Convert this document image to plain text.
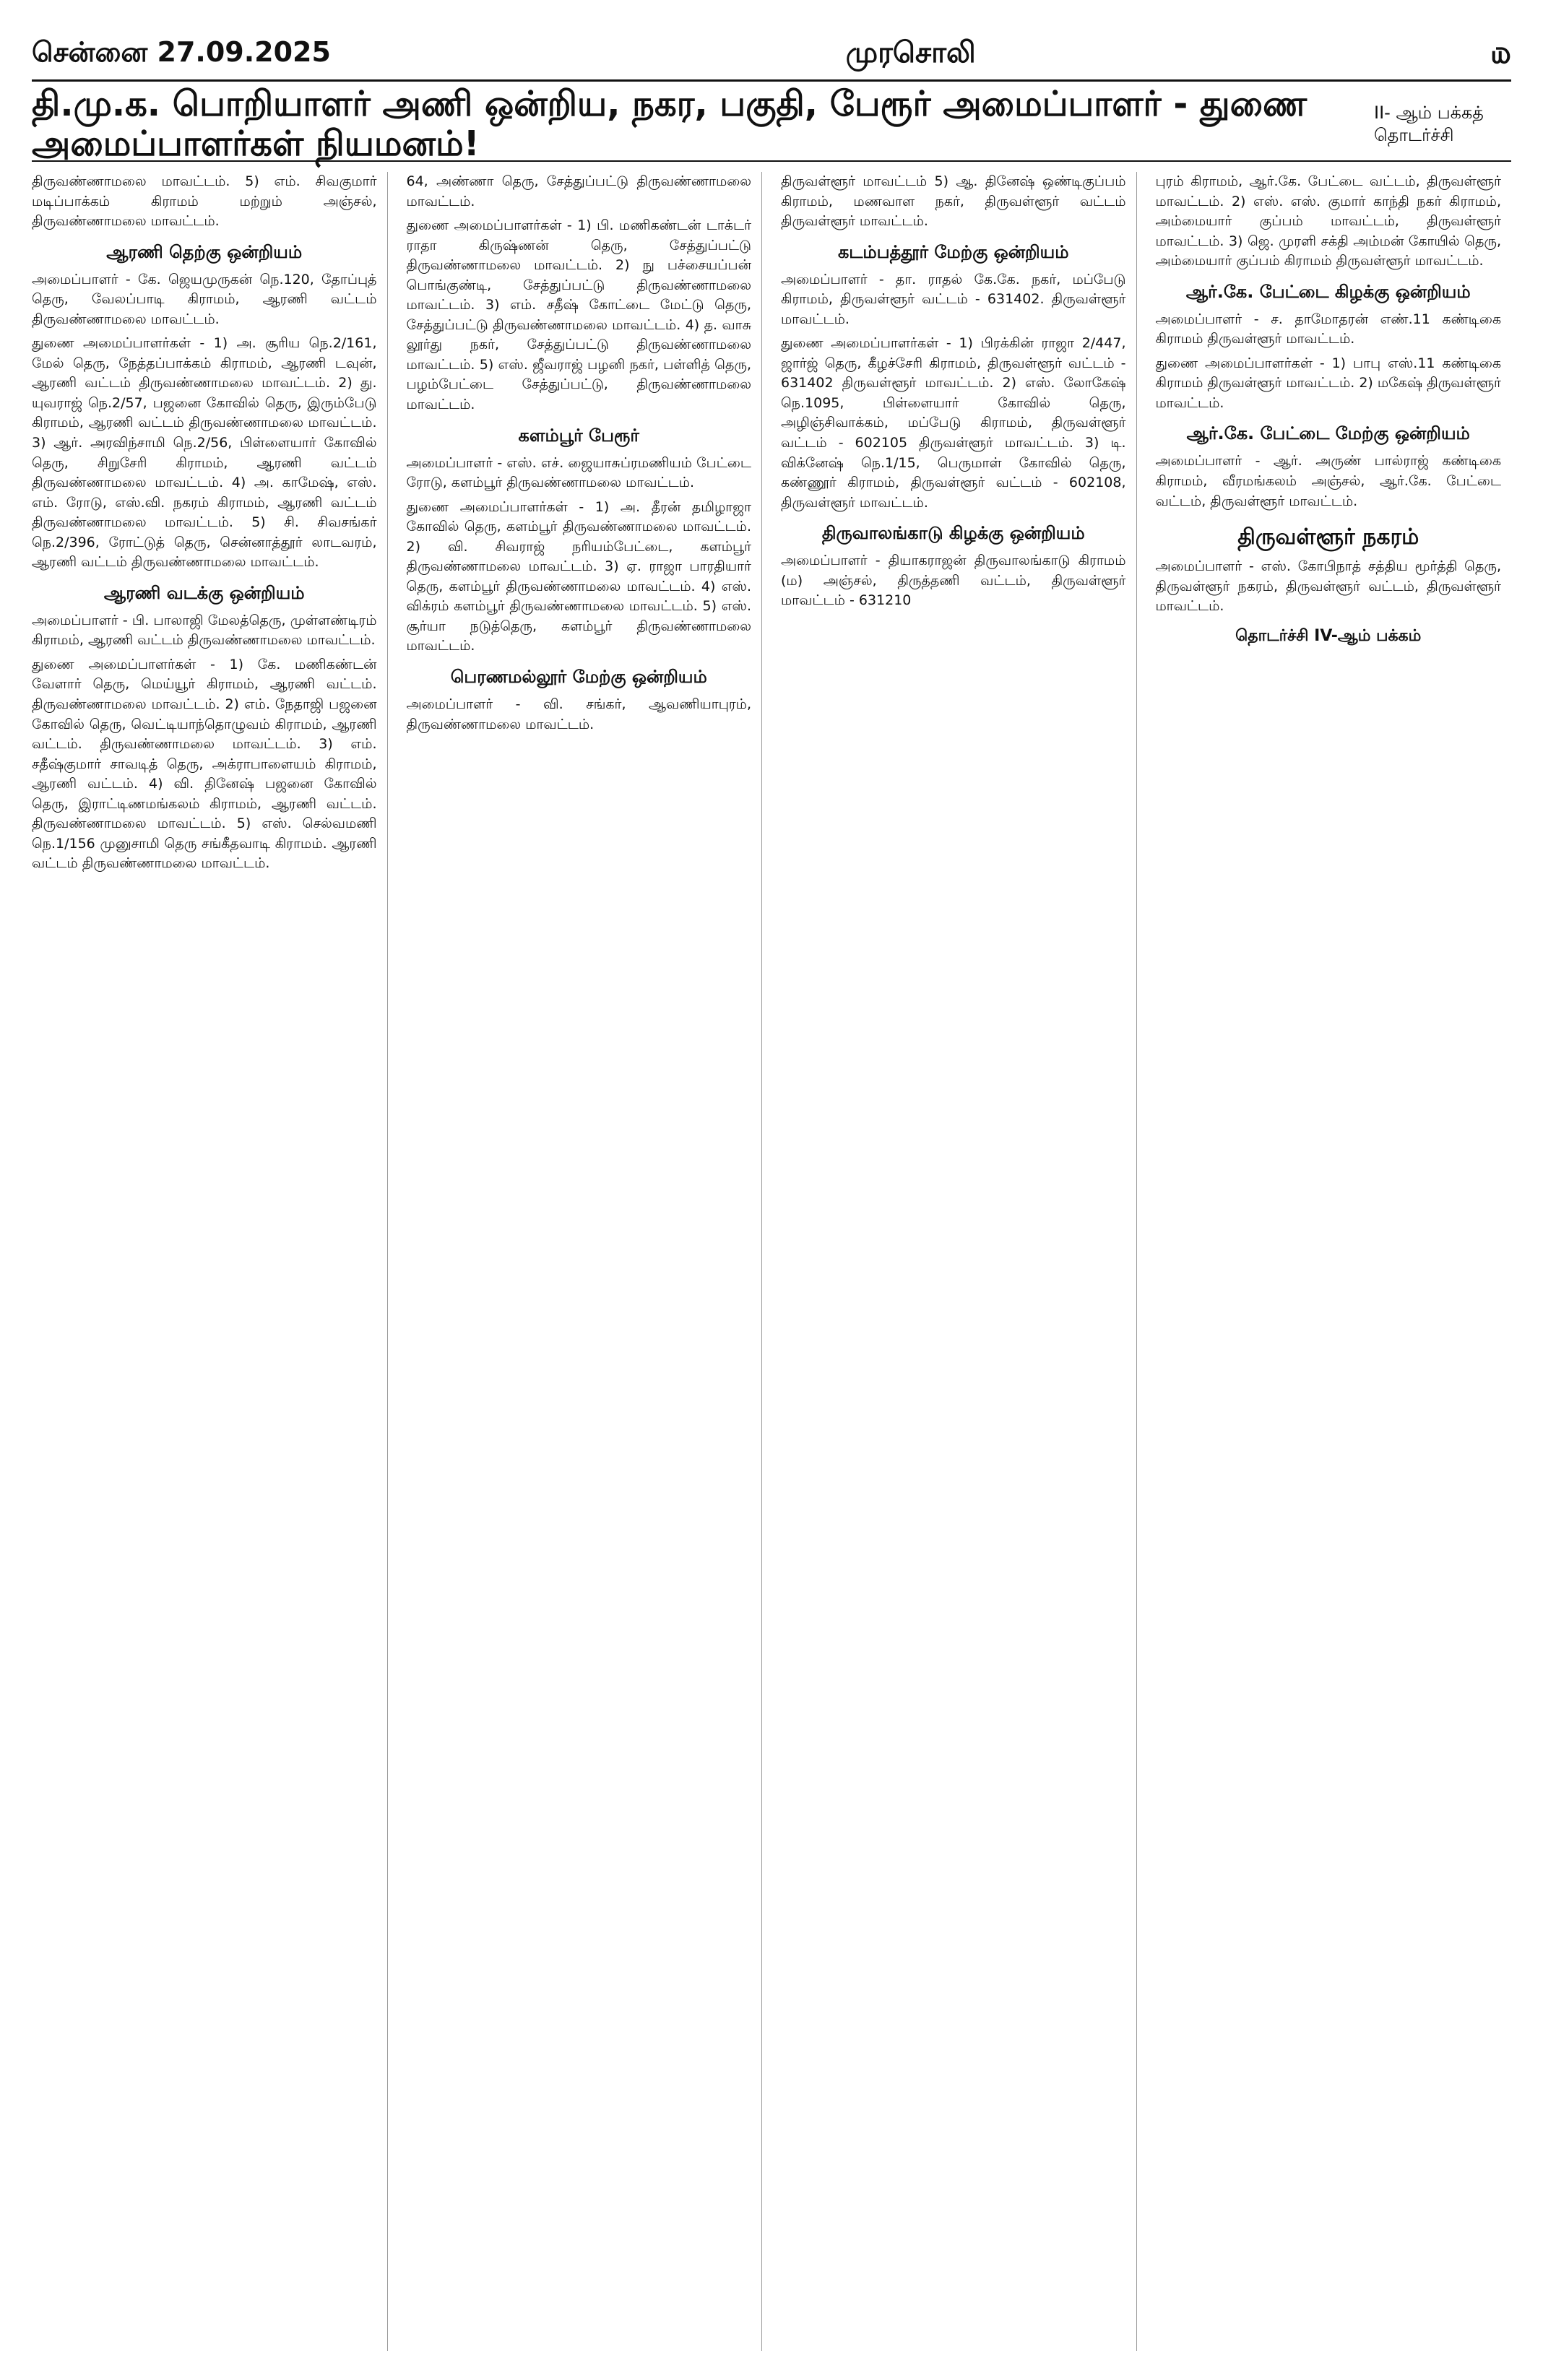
சென்னை 27.09.2025	முரசொலி	௰
தி.மு.க. பொறியாளர் அணி ஒன்றிய, நகர, பகுதி, பேரூர் அமைப்பாளர் - துணை அமைப்பாளர்கள் நியமனம்!
II- ஆம் பக்கத் தொடர்ச்சி

திருவண்ணாமலை மாவட்டம். 5) எம். சிவகுமார் மடிப்பாக்கம் கிராமம் மற்றும் அஞ்சல், திருவண்ணாமலை மாவட்டம்.

ஆரணி தெற்கு ஒன்றியம்

அமைப்பாளர் - கே. ஜெயமுருகன் நெ.120, தோப்புத் தெரு, வேலப்பாடி கிராமம், ஆரணி வட்டம் திருவண்ணாமலை மாவட்டம்.

துணை அமைப்பாளர்கள் - 1) அ. சூரிய நெ.2/161, மேல் தெரு, நேத்தப்பாக்கம் கிராமம், ஆரணி டவுன், ஆரணி வட்டம் திருவண்ணாமலை மாவட்டம். 2) து. யுவராஜ் நெ.2/57, பஜனை கோவில் தெரு, இரும்பேடு கிராமம், ஆரணி வட்டம் திருவண்ணாமலை மாவட்டம். 3) ஆர். அரவிந்சாமி நெ.2/56, பிள்ளையார் கோவில் தெரு, சிறுசேரி கிராமம், ஆரணி வட்டம் திருவண்ணாமலை மாவட்டம். 4) அ. காமேஷ், எஸ். எம். ரோடு, எஸ்.வி. நகரம் கிராமம், ஆரணி வட்டம் திருவண்ணாமலை மாவட்டம். 5) சி. சிவசங்கர் நெ.2/396, ரோட்டுத் தெரு, சென்னாத்தூர் லாடவரம், ஆரணி வட்டம் திருவண்ணாமலை மாவட்டம்.

ஆரணி வடக்கு ஒன்றியம்

அமைப்பாளர் - பி. பாலாஜி மேலத்தெரு, முள்ளண்டிரம் கிராமம், ஆரணி வட்டம் திருவண்ணாமலை மாவட்டம்.

துணை அமைப்பாளர்கள் - 1) கே. மணிகண்டன் வேளார் தெரு, மெய்யூர் கிராமம், ஆரணி வட்டம். திருவண்ணாமலை மாவட்டம். 2) எம். நேதாஜி பஜனை கோவில் தெரு, வெட்டியாந்தொழுவம் கிராமம், ஆரணி வட்டம். திருவண்ணாமலை மாவட்டம். 3) எம். சதீஷ்குமார் சாவடித் தெரு, அக்ராபாளையம் கிராமம், ஆரணி வட்டம். 4) வி. தினேஷ் பஜனை கோவில் தெரு, இராட்டிணமங்கலம் கிராமம், ஆரணி வட்டம். திருவண்ணாமலை மாவட்டம். 5) எஸ். செல்வமணி நெ.1/156 முனுசாமி தெரு சங்கீதவாடி கிராமம். ஆரணி வட்டம் திருவண்ணாமலை மாவட்டம்.

64, அண்ணா தெரு, சேத்துப்பட்டு திருவண்ணாமலை மாவட்டம்.

துணை அமைப்பாளர்கள் - 1) பி. மணிகண்டன் டாக்டர் ராதா கிருஷ்ணன் தெரு, சேத்துப்பட்டு திருவண்ணாமலை மாவட்டம். 2) நு பச்சையப்பன் பொங்குண்டி, சேத்துப்பட்டு திருவண்ணாமலை மாவட்டம். 3) எம். சதீஷ் கோட்டை மேட்டு தெரு, சேத்துப்பட்டு திருவண்ணாமலை மாவட்டம். 4) த. வாசு லூர்து நகர், சேத்துப்பட்டு திருவண்ணாமலை மாவட்டம். 5) எஸ். ஜீவராஜ் பழனி நகர், பள்ளித் தெரு, பழம்பேட்டை சேத்துப்பட்டு, திருவண்ணாமலை மாவட்டம்.

களம்பூர் பேரூர்

அமைப்பாளர் - எஸ். எச். ஜையாசுப்ரமணியம் பேட்டை ரோடு, களம்பூர் திருவண்ணாமலை மாவட்டம்.

துணை அமைப்பாளர்கள் - 1) அ. தீரன் தமிழாஜா கோவில் தெரு, களம்பூர் திருவண்ணாமலை மாவட்டம். 2) வி. சிவராஜ் நரியம்பேட்டை, களம்பூர் திருவண்ணாமலை மாவட்டம். 3) ஏ. ராஜா பாரதியார் தெரு, களம்பூர் திருவண்ணாமலை மாவட்டம். 4) எஸ். விக்ரம் களம்பூர் திருவண்ணாமலை மாவட்டம். 5) எஸ். சூர்யா நடுத்தெரு, களம்பூர் திருவண்ணாமலை மாவட்டம்.

பெரணமல்லூர் மேற்கு ஒன்றியம்

அமைப்பாளர் - வி. சங்கர், ஆவணியாபுரம், திருவண்ணாமலை மாவட்டம்.

திருவள்ளூர் மாவட்டம் 5) ஆ. தினேஷ் ஒண்டிகுப்பம் கிராமம், மணவாள நகர், திருவள்ளூர் வட்டம் திருவள்ளூர் மாவட்டம்.

கடம்பத்தூர் மேற்கு ஒன்றியம்

அமைப்பாளர் - தா. ராதல் கே.கே. நகர், மப்பேடு கிராமம், திருவள்ளூர் வட்டம் - 631402. திருவள்ளூர் மாவட்டம்.

துணை அமைப்பாளர்கள் - 1) பிரக்கின் ராஜா 2/447, ஜார்ஜ் தெரு, கீழச்சேரி கிராமம், திருவள்ளூர் வட்டம் - 631402 திருவள்ளூர் மாவட்டம். 2) எஸ். லோகேஷ் நெ.1095, பிள்ளையார் கோவில் தெரு, அழிஞ்சிவாக்கம், மப்பேடு கிராமம், திருவள்ளூர் வட்டம் - 602105 திருவள்ளூர் மாவட்டம். 3) டி. விக்னேஷ் நெ.1/15, பெருமாள் கோவில் தெரு, கண்ணூர் கிராமம், திருவள்ளூர் வட்டம் - 602108, திருவள்ளூர் மாவட்டம்.

திருவாலங்காடு கிழக்கு ஒன்றியம்

அமைப்பாளர் - தியாகராஜன் திருவாலங்காடு கிராமம் (ம) அஞ்சல், திருத்தணி வட்டம், திருவள்ளூர் மாவட்டம் - 631210

புரம் கிராமம், ஆர்.கே. பேட்டை வட்டம், திருவள்ளூர் மாவட்டம். 2) எஸ். எஸ். குமார் காந்தி நகர் கிராமம், அம்மையார் குப்பம் மாவட்டம், திருவள்ளூர் மாவட்டம். 3) ஜெ. முரளி சக்தி அம்மன் கோயில் தெரு, அம்மையார் குப்பம் கிராமம் திருவள்ளூர் மாவட்டம்.

ஆர்.கே. பேட்டை கிழக்கு ஒன்றியம்

அமைப்பாளர் - ச. தாமோதரன் எண்.11 கண்டிகை கிராமம் திருவள்ளூர் மாவட்டம்.

துணை அமைப்பாளர்கள் - 1) பாபு எஸ்.11 கண்டிகை கிராமம் திருவள்ளூர் மாவட்டம். 2) மகேஷ் திருவள்ளூர் மாவட்டம்.

ஆர்.கே. பேட்டை மேற்கு ஒன்றியம்

அமைப்பாளர் - ஆர். அருண் பால்ராஜ் கண்டிகை கிராமம், வீரமங்கலம் அஞ்சல், ஆர்.கே. பேட்டை வட்டம், திருவள்ளூர் மாவட்டம்.

திருவள்ளூர் நகரம்

அமைப்பாளர் - எஸ். கோபிநாத் சத்திய மூர்த்தி தெரு, திருவள்ளூர் நகரம், திருவள்ளூர் வட்டம், திருவள்ளூர் மாவட்டம்.

தொடர்ச்சி IV-ஆம் பக்கம்
